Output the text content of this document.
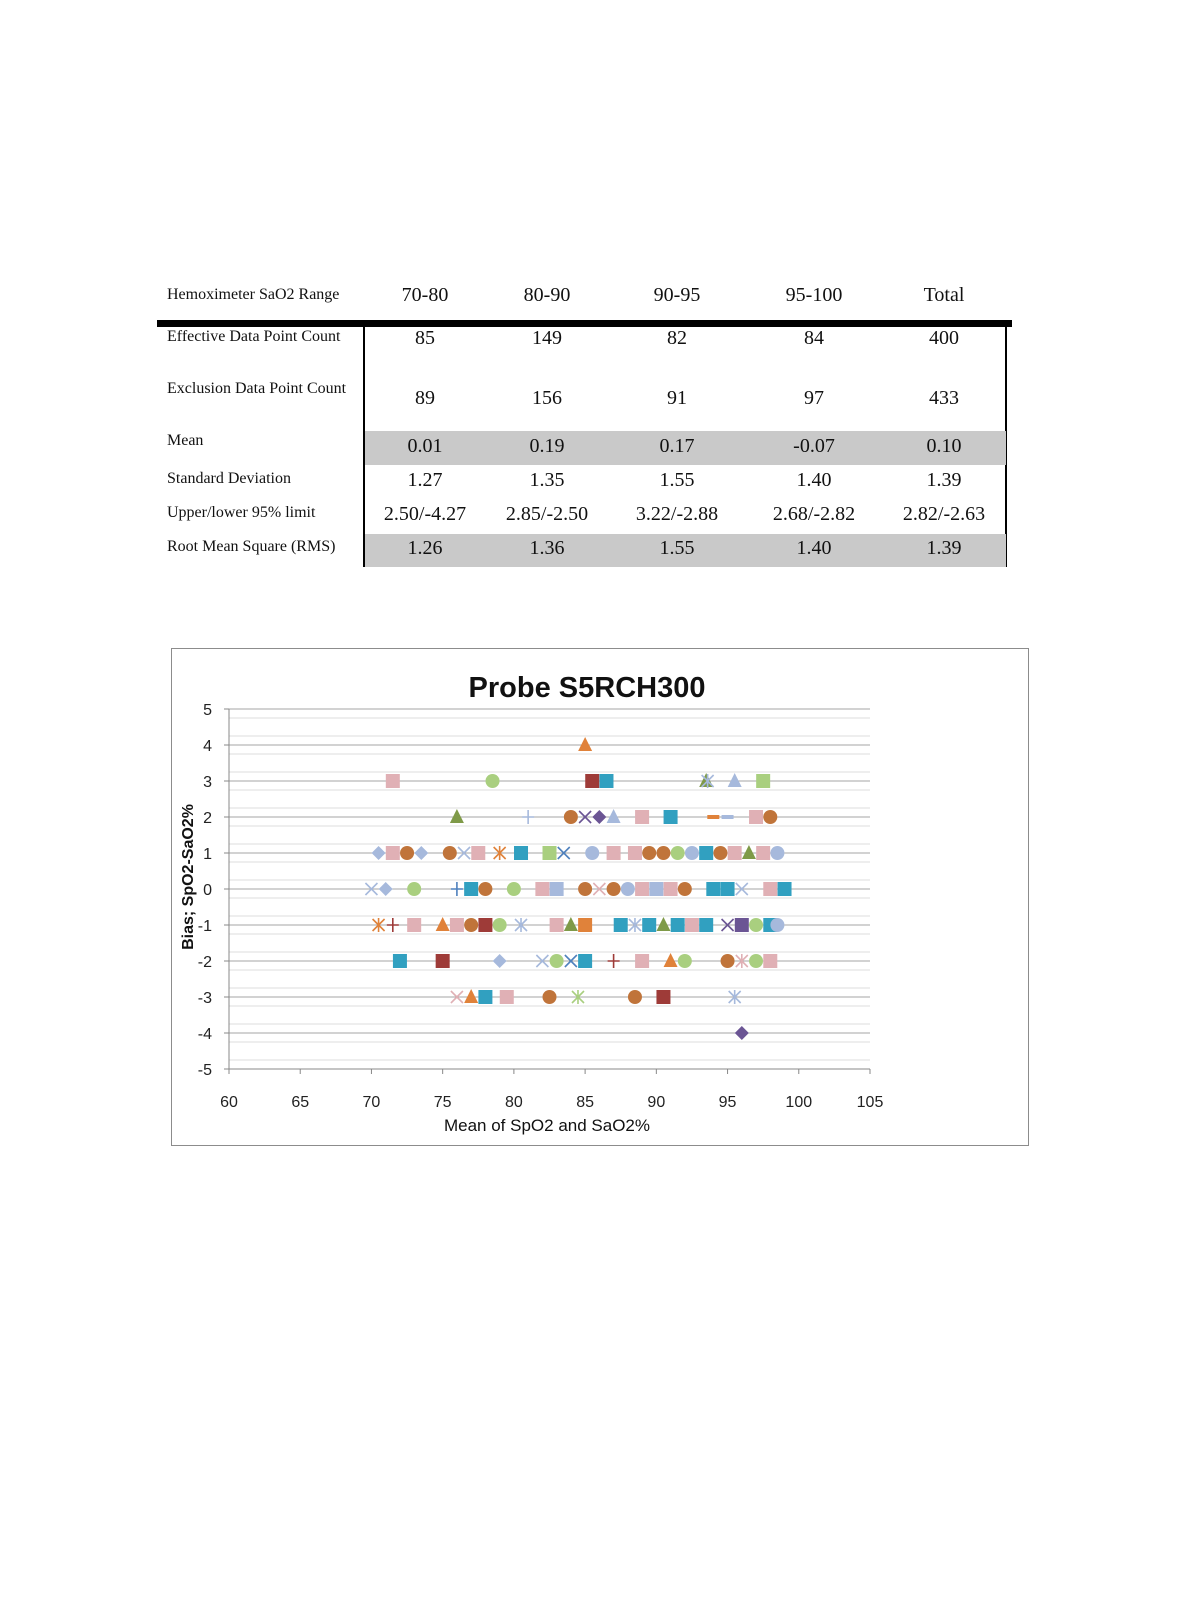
Hemoximeter SaO2 Range	70-80	80-90	90-95	95-100	Total
Effective Data Point Count	85	149	82	84	400
Exclusion Data Point Count	89	156	91	97	433
Mean	0.01	0.19	0.17	-0.07	0.10
Standard Deviation	1.27	1.35	1.55	1.40	1.39
Upper/lower 95% limit	2.50/-4.27	2.85/-2.50	3.22/-2.88	2.68/-2.82	2.82/-2.63
Root Mean Square (RMS)	1.26	1.36	1.55	1.40	1.39
5
4
3
2
1
0
-1
-2
-3
-4
-5
60	65	70	75	80	85	90	95	100	105
Probe S5RCH300
Mean of SpO2 and SaO2%
Bias; SpO2-SaO2%
